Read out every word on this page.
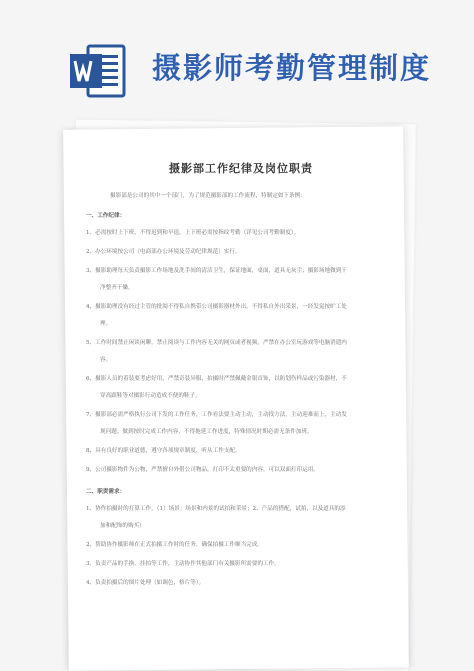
摄影师考勤管理制度
摄影部工作纪律及岗位职责
摄影部是公司的其中一个部门，为了规范摄影部的工作流程，特制定如下条例：
一、工作纪律：
1、必需按时上下班，不得迟到和早退，上下班必需按指纹考勤（详见公司考勤制度）。
2、办公环境按公司（电商部办公环境及劳动纪律规范）实行。
3、摄影助理每天负责摄影工作场地及洗手间的清洁卫生，保证地面，桌面，道具无灰尘；摄影场地做到干
净整齐干燥。
4、摄影助理没有经过主管的批阅不得私自携带公司摄影器材外出，不得私自外出采景，一经发觉按旷工处
理。
5、工作时间禁止闲谈闲聊，禁止阅读与工作内容无关的网页或者视频，严禁在办公室玩游戏等电脑消遣内
容。
6、摄影人员的着装要考虑好用，严禁奇装异服，拍摄时严禁佩戴金银首饰，以防划伤样品或污染器材，不
穿高跟鞋等对摄影行动造成不便的鞋子。
7、摄影部必需严格执行公司下发的工作任务，工作看法要主动主动，主动找方法，主动迎难而上，主动发
现问题；做到按时完成工作内容，不得拖延工作进度，特殊情况时期必需无条件加班。
8、具有良好的职业道德，遵守各项规章制度，听从工作支配。
9、公司摄影物件为公物，严禁擅自外借公司物品，打印不太重要的内容，可以双面打印运用。
二、职责需求：
1、协作拍摄时的打算工作，（1）场景：场景和内景的试拍和采景；2、产品的搭配，试拍，以及道具的添
加和配饰的购买）
2、帮助协作摄影师在正式拍摄工作时的任务，确保拍摄工作顺当完成。
3、负责产品的手换，挂拍等工作，主动协作其他部门有关摄影所需要的工作。
4、负责拍摄后的图片处理（如调色，格片等）。
